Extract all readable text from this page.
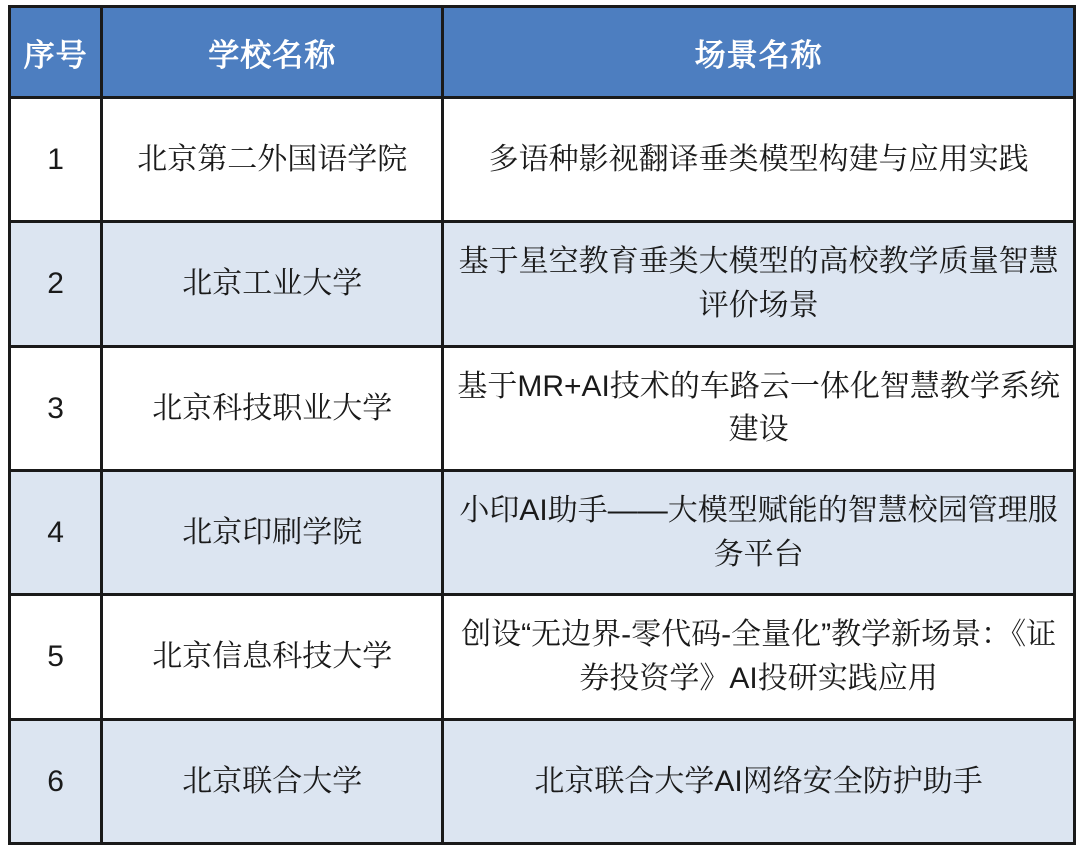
序号	学校名称	场景名称
1	北京第二外国语学院	多语种影视翻译垂类模型构建与应用实践
2	北京工业大学	基于星空教育垂类大模型的高校教学质量智慧评价场景
3	北京科技职业大学	基于MR+AI技术的车路云一体化智慧教学系统建设
4	北京印刷学院	小印AI助手——大模型赋能的智慧校园管理服务平台
5	北京信息科技大学	创设“无边界-零代码-全量化”教学新场景：《证券投资学》AI投研实践应用
6	北京联合大学	北京联合大学AI网络安全防护助手
